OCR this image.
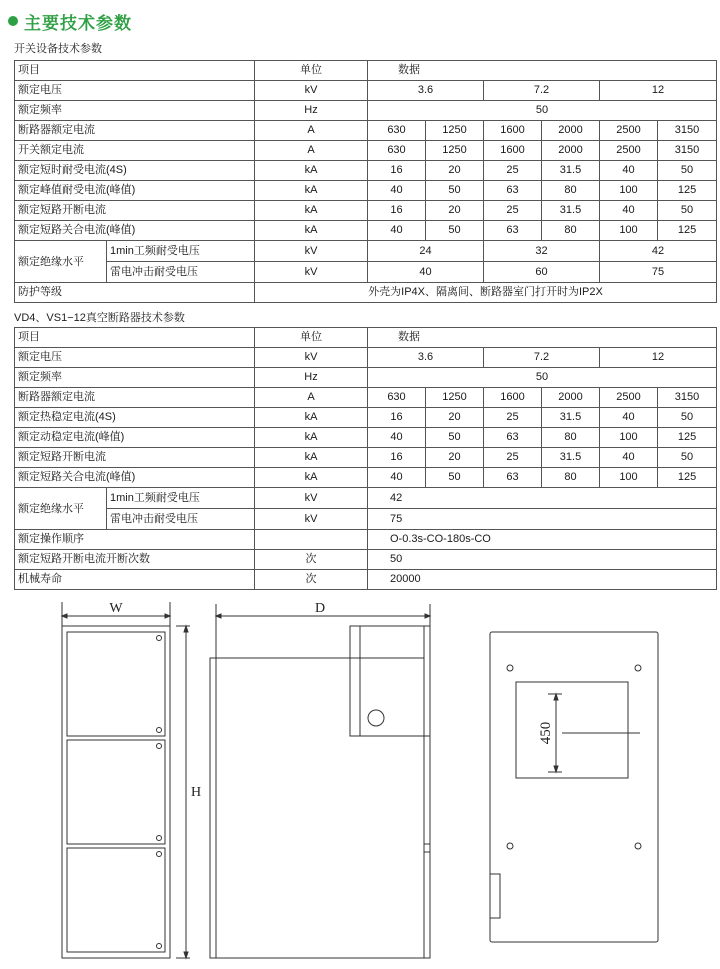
主要技术参数
开关设备技术参数
项目		单位	数据					
额定电压		kV	3.6		7.2		12	
额定频率		Hz	50					
断路器额定电流		A	630	1250	1600	2000	2500	3150
开关额定电流		A	630	1250	1600	2000	2500	3150
额定短时耐受电流(4S)		kA	16	20	25	31.5	40	50
额定峰值耐受电流(峰值)		kA	40	50	63	80	100	125
额定短路开断电流		kA	16	20	25	31.5	40	50
额定短路关合电流(峰值)		kA	40	50	63	80	100	125
额定绝缘水平	1min工频耐受电压	kV	24		32		42	
	雷电冲击耐受电压	kV	40		60		75	
防护等级		外壳为IP4X、隔离间、断路器室门打开时为IP2X						
VD4、VS1−12真空断路器技术参数
项目		单位	数据					
额定电压		kV	3.6		7.2		12	
额定频率		Hz	50					
断路器额定电流		A	630	1250	1600	2000	2500	3150
额定热稳定电流(4S)		kA	16	20	25	31.5	40	50
额定动稳定电流(峰值)		kA	40	50	63	80	100	125
额定短路开断电流		kA	16	20	25	31.5	40	50
额定短路关合电流(峰值)		kA	40	50	63	80	100	125
额定绝缘水平	1min工频耐受电压	kV	42					
	雷电冲击耐受电压	kV	75					
额定操作顺序			O-0.3s-CO-180s-CO					
额定短路开断电流开断次数		次	50					
机械寿命		次	20000					
W	D
H
450
